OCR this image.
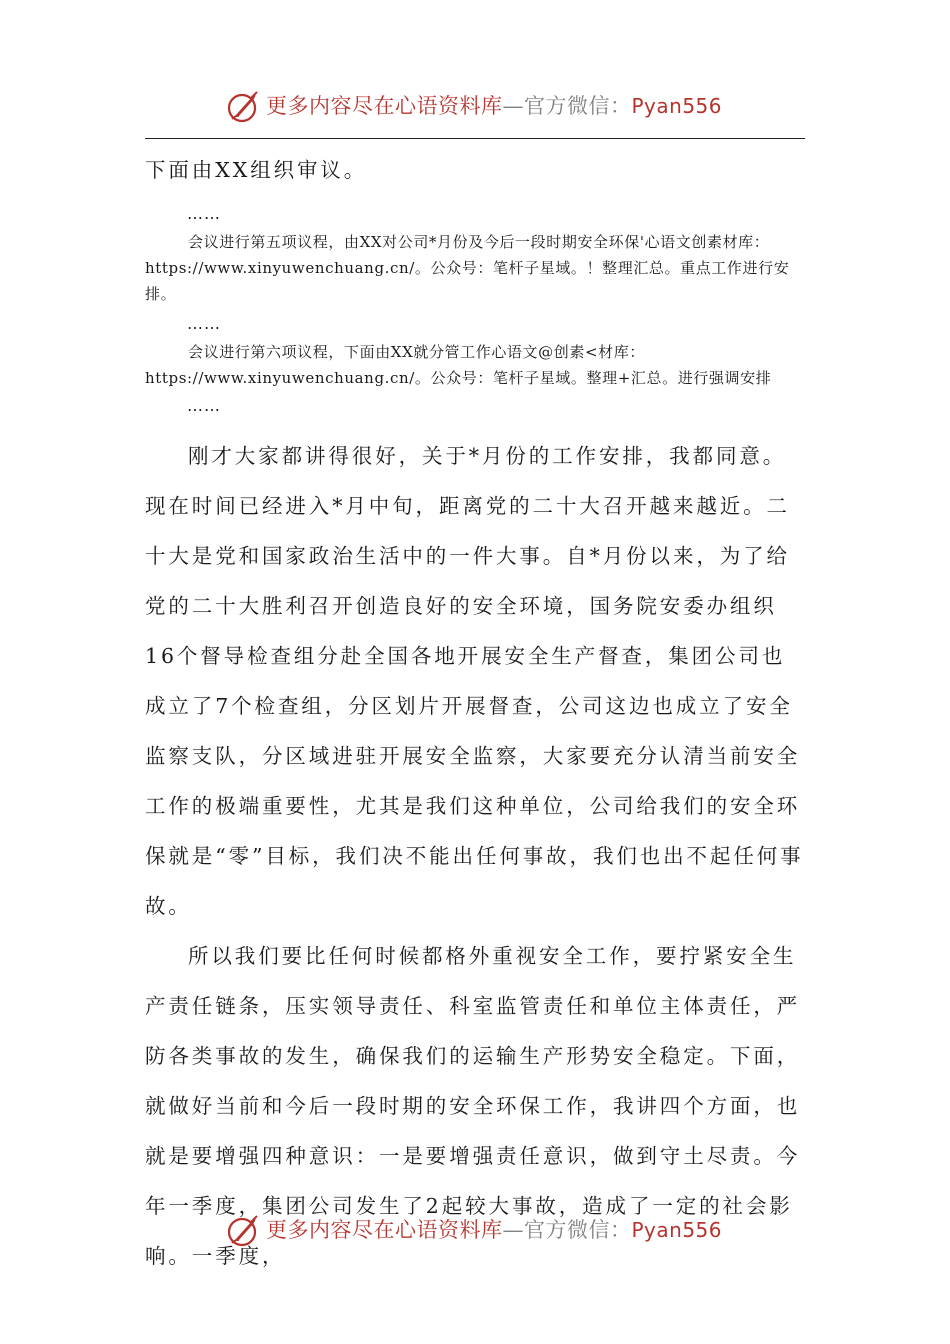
更多内容尽在心语资料库—官方微信：Pyan556

下面由XX组织审议。

……

会议进行第五项议程，由XX对公司*月份及今后一段时期安全环保'心语文创素材库：https://www.xinyuwenchuang.cn/。公众号：笔杆子星域。！整理汇总。重点工作进行安排。

……

会议进行第六项议程，下面由XX就分管工作心语文@创素<材库：https://www.xinyuwenchuang.cn/。公众号：笔杆子星域。整理+汇总。进行强调安排

……

刚才大家都讲得很好，关于*月份的工作安排，我都同意。现在时间已经进入*月中旬，距离党的二十大召开越来越近。二十大是党和国家政治生活中的一件大事。自*月份以来，为了给党的二十大胜利召开创造良好的安全环境，国务院安委办组织16个督导检查组分赴全国各地开展安全生产督查，集团公司也成立了7个检查组，分区划片开展督查，公司这边也成立了安全监察支队，分区域进驻开展安全监察，大家要充分认清当前安全工作的极端重要性，尤其是我们这种单位，公司给我们的安全环保就是“零”目标，我们决不能出任何事故，我们也出不起任何事故。

所以我们要比任何时候都格外重视安全工作，要拧紧安全生产责任链条，压实领导责任、科室监管责任和单位主体责任，严防各类事故的发生，确保我们的运输生产形势安全稳定。下面，就做好当前和今后一段时期的安全环保工作，我讲四个方面，也就是要增强四种意识：一是要增强责任意识，做到守土尽责。今年一季度，集团公司发生了2起较大事故，造成了一定的社会影响。一季度，

更多内容尽在心语资料库—官方微信：Pyan556
